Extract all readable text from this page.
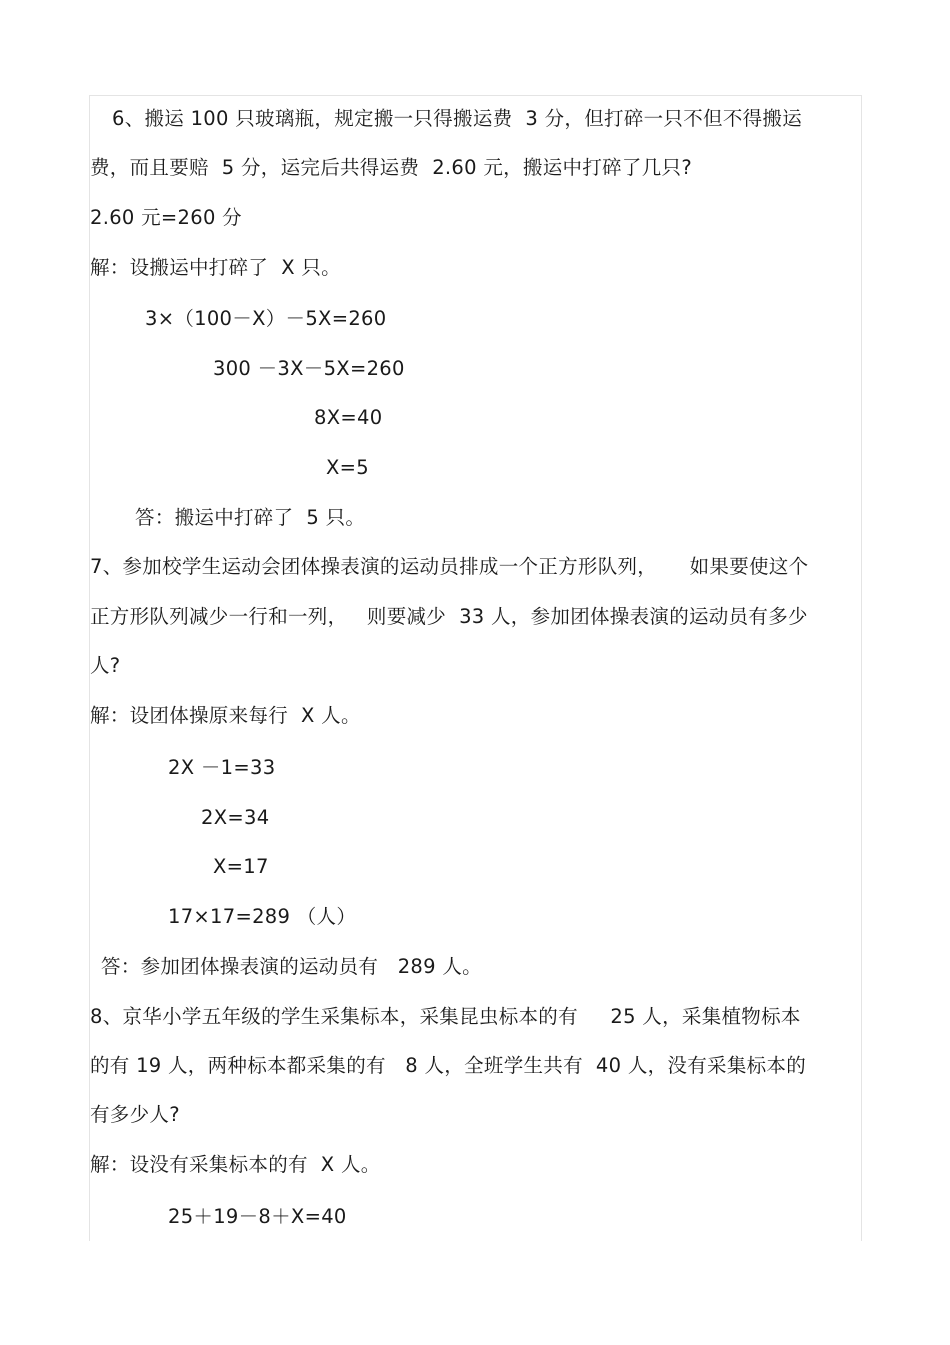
6、搬运 100 只玻璃瓶，规定搬一只得搬运费  3 分，但打碎一只不但不得搬运
费，而且要赔  5 分，运完后共得运费  2.60 元，搬运中打碎了几只?
2.60 元=260 分
解：设搬运中打碎了  X 只。
3×（100－X）－5X=260
300 －3X－5X=260
8X=40
X=5
答：搬运中打碎了  5 只。
7、参加校学生运动会团体操表演的运动员排成一个正方形队列，     如果要使这个
正方形队列减少一行和一列，   则要减少  33 人，参加团体操表演的运动员有多少
人?
解：设团体操原来每行  X 人。
2X －1=33
2X=34
X=17
17×17=289 （人）
答：参加团体操表演的运动员有   289 人。
8、京华小学五年级的学生采集标本，采集昆虫标本的有     25 人，采集植物标本
的有 19 人，两种标本都采集的有   8 人，全班学生共有  40 人，没有采集标本的
有多少人?
解：设没有采集标本的有  X 人。
25＋19－8＋X=40
